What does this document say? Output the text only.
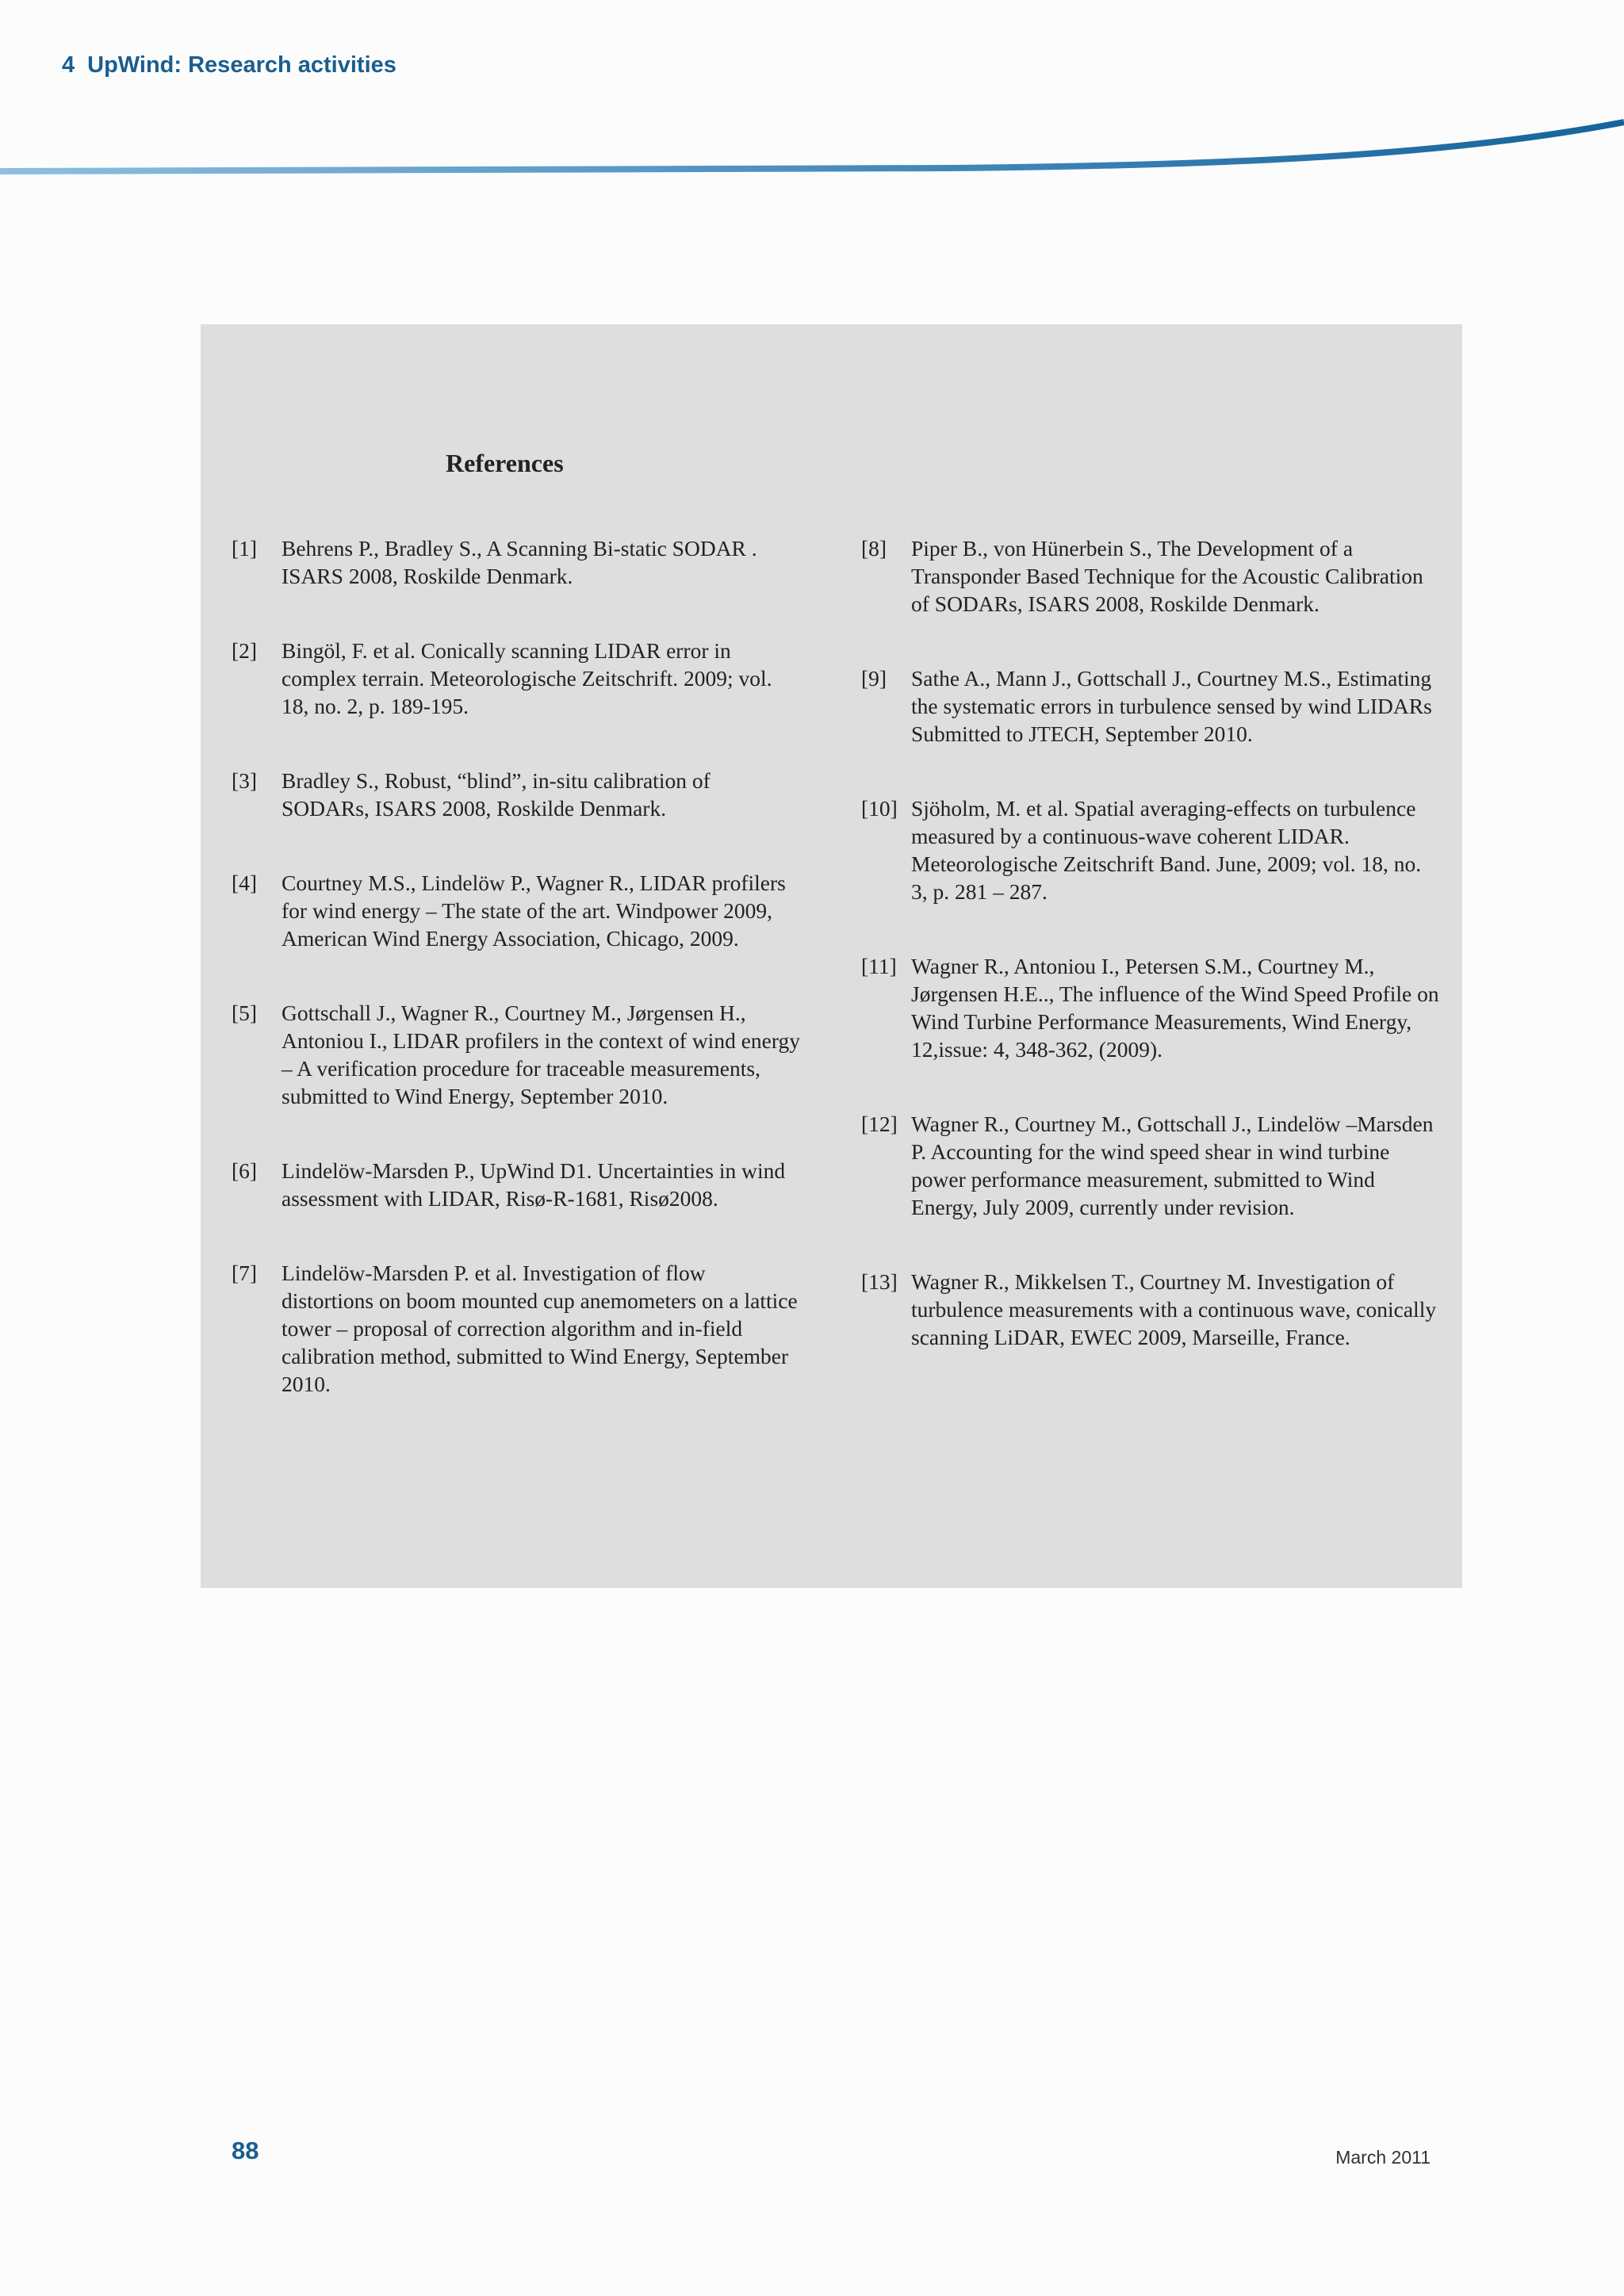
4 UpWind: Research activities
References
[1] Behrens P., Bradley S., A Scanning Bi-static SODAR . ISARS 2008, Roskilde Denmark.
[2] Bingöl, F. et al. Conically scanning LIDAR error in complex terrain. Meteorologische Zeitschrift. 2009; vol. 18, no. 2, p. 189-195.
[3] Bradley S., Robust, “blind”, in-situ calibration of SODARs, ISARS 2008, Roskilde Denmark.
[4] Courtney M.S., Lindelöw P., Wagner R., LIDAR profilers for wind energy – The state of the art. Windpower 2009, American Wind Energy Association, Chicago, 2009.
[5] Gottschall J., Wagner R., Courtney M., Jørgensen H., Antoniou I., LIDAR profilers in the context of wind energy – A verification procedure for traceable measurements, submitted to Wind Energy, September 2010.
[6] Lindelöw-Marsden P., UpWind D1. Uncertainties in wind assessment with LIDAR, Risø-R-1681, Risø2008.
[7] Lindelöw-Marsden P. et al. Investigation of flow distortions on boom mounted cup anemometers on a lattice tower – proposal of correction algorithm and in-field calibration method, submitted to Wind Energy, September 2010.
[8] Piper B., von Hünerbein S., The Development of a Transponder Based Technique for the Acoustic Calibration of SODARs, ISARS 2008, Roskilde Denmark.
[9] Sathe A., Mann J., Gottschall J., Courtney M.S., Estimating the systematic errors in turbulence sensed by wind LIDARs Submitted to JTECH, September 2010.
[10] Sjöholm, M. et al. Spatial averaging-effects on turbulence measured by a continuous-wave coherent LIDAR. Meteorologische Zeitschrift Band. June, 2009; vol. 18, no. 3, p. 281 – 287.
[11] Wagner R., Antoniou I., Petersen S.M., Courtney M., Jørgensen H.E.., The influence of the Wind Speed Profile on Wind Turbine Performance Measurements, Wind Energy, 12,issue: 4, 348-362, (2009).
[12] Wagner R., Courtney M., Gottschall J., Lindelöw –Marsden P. Accounting for the wind speed shear in wind turbine power performance measurement, submitted to Wind Energy, July 2009, currently under revision.
[13] Wagner R., Mikkelsen T., Courtney M. Investigation of turbulence measurements with a continuous wave, conically scanning LiDAR, EWEC 2009, Marseille, France.
88	March 2011
